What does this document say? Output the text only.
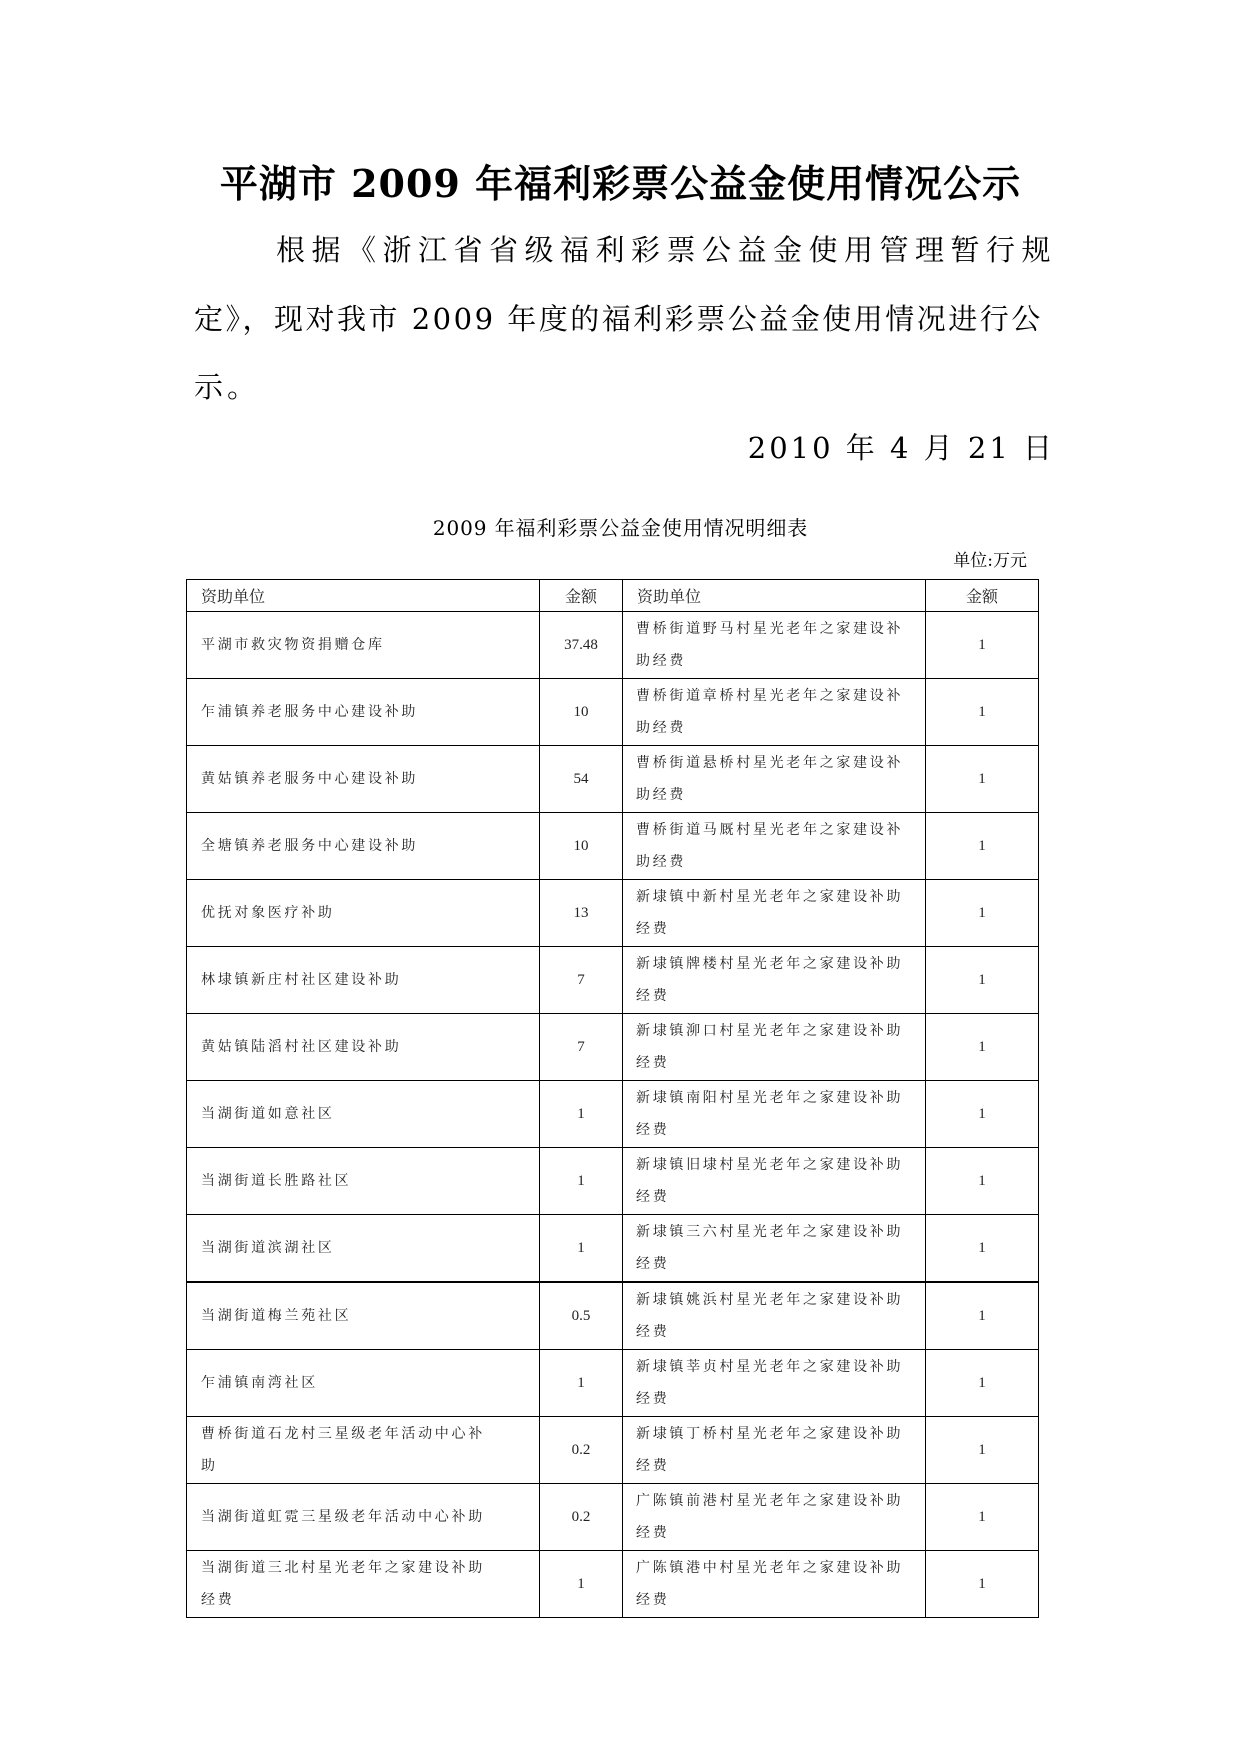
平湖市 2009 年福利彩票公益金使用情况公示
根据《浙江省省级福利彩票公益金使用管理暂行规
定》，现对我市 2009 年度的福利彩票公益金使用情况进行公
示。
2010 年 4 月 21 日
2009 年福利彩票公益金使用情况明细表
单位:万元
资助单位	金额	资助单位	金额

平湖市救灾物资捐赠仓库	37.48	曹桥街道野马村星光老年之家建设补助经费	1

乍浦镇养老服务中心建设补助	10	曹桥街道章桥村星光老年之家建设补助经费	1

黄姑镇养老服务中心建设补助	54	曹桥街道悬桥村星光老年之家建设补助经费	1

全塘镇养老服务中心建设补助	10	曹桥街道马厩村星光老年之家建设补助经费	1

优抚对象医疗补助	13	新埭镇中新村星光老年之家建设补助经费	1

林埭镇新庄村社区建设补助	7	新埭镇牌楼村星光老年之家建设补助经费	1

黄姑镇陆滔村社区建设补助	7	新埭镇泖口村星光老年之家建设补助经费	1

当湖街道如意社区	1	新埭镇南阳村星光老年之家建设补助经费	1

当湖街道长胜路社区	1	新埭镇旧埭村星光老年之家建设补助经费	1

当湖街道滨湖社区	1	新埭镇三六村星光老年之家建设补助经费	1

当湖街道梅兰苑社区	0.5	新埭镇姚浜村星光老年之家建设补助经费	1

乍浦镇南湾社区	1	新埭镇莘贞村星光老年之家建设补助经费	1

曹桥街道石龙村三星级老年活动中心补助	0.2	新埭镇丁桥村星光老年之家建设补助经费	1

当湖街道虹霓三星级老年活动中心补助	0.2	广陈镇前港村星光老年之家建设补助经费	1

当湖街道三北村星光老年之家建设补助经费	1	广陈镇港中村星光老年之家建设补助经费	1
